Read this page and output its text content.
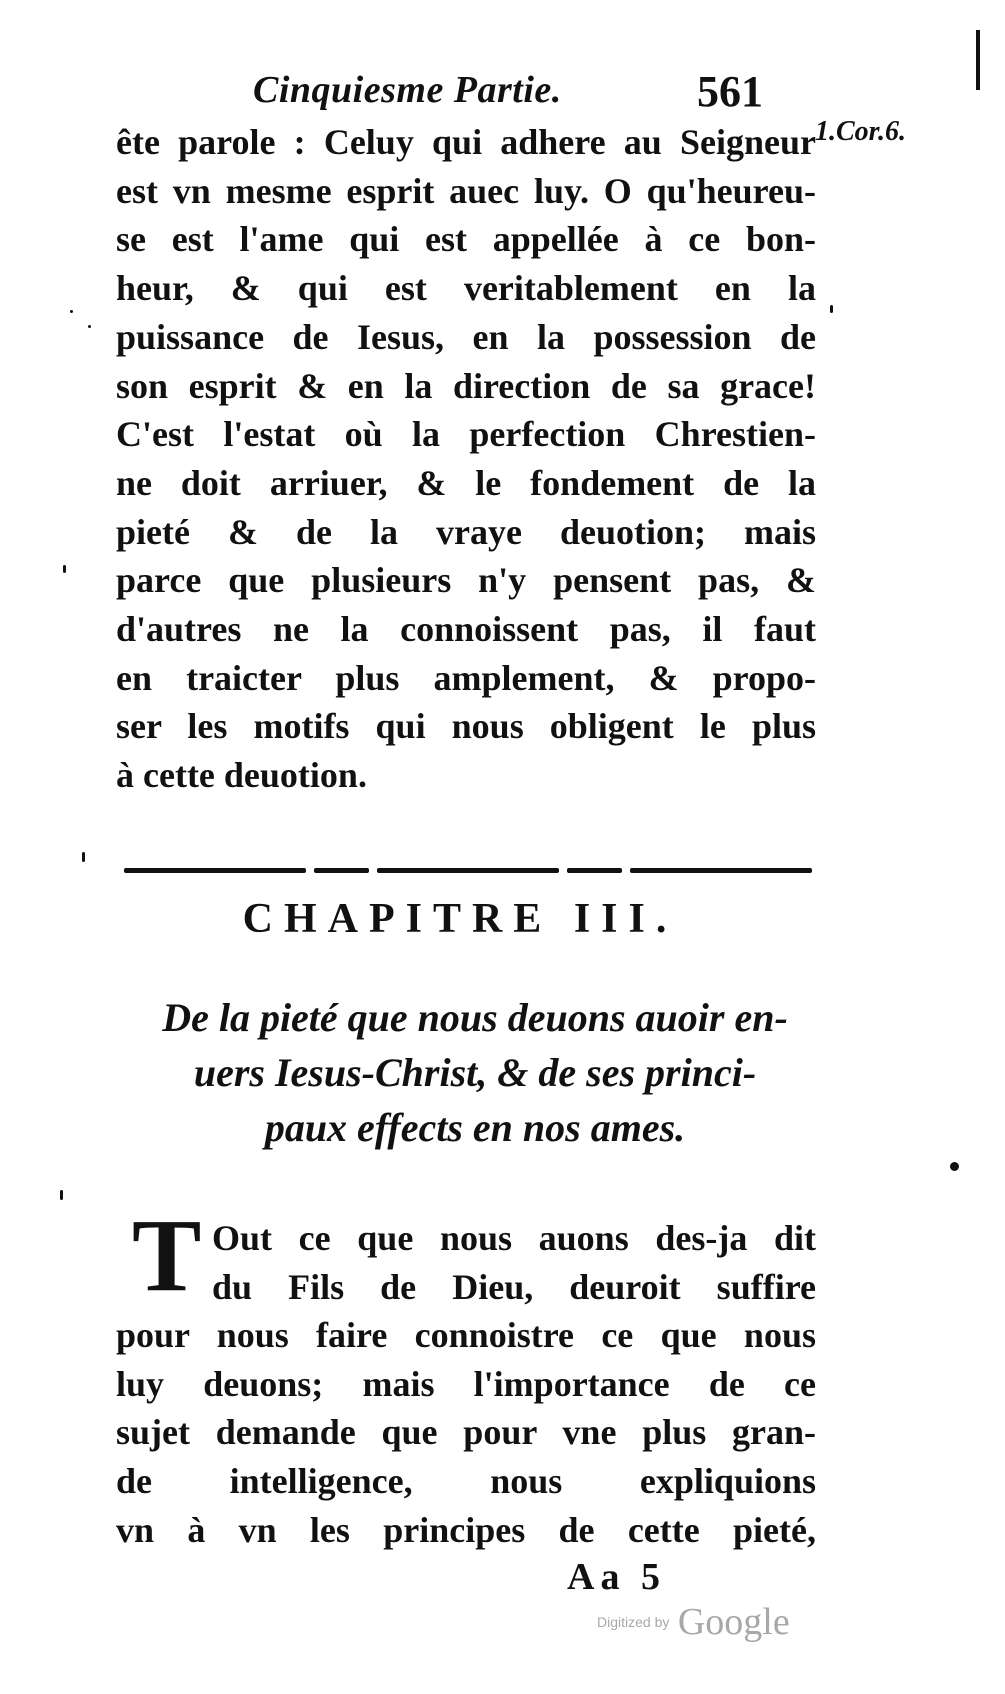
Cinquiesme Partie.	561
1.Cor.6.
ête parole : Celuy qui adhere au Seigneur
est vn mesme esprit auec luy. O qu'heureu-
se est l'ame qui est appellée à ce bon-
heur, & qui est veritablement en la
puissance de Iesus, en la possession de
son esprit & en la direction de sa grace!
C'est l'estat où la perfection Chrestien-
ne doit arriuer, & le fondement de la
pieté & de la vraye deuotion; mais
parce que plusieurs n'y pensent pas, &
d'autres ne la connoissent pas, il faut
en traicter plus amplement, & propo-
ser les motifs qui nous obligent le plus
à cette deuotion.
CHAPITRE III.
De la pieté que nous deuons auoir en-
uers Iesus-Christ, & de ses princi-
paux effects en nos ames.
T Out ce que nous auons des-ja dit
du Fils de Dieu, deuroit suffire
pour nous faire connoistre ce que nous
luy deuons; mais l'importance de ce
sujet demande que pour vne plus gran-
de intelligence, nous expliquions
vn à vn les principes de cette pieté,
Aa 5
Digitized by Google
